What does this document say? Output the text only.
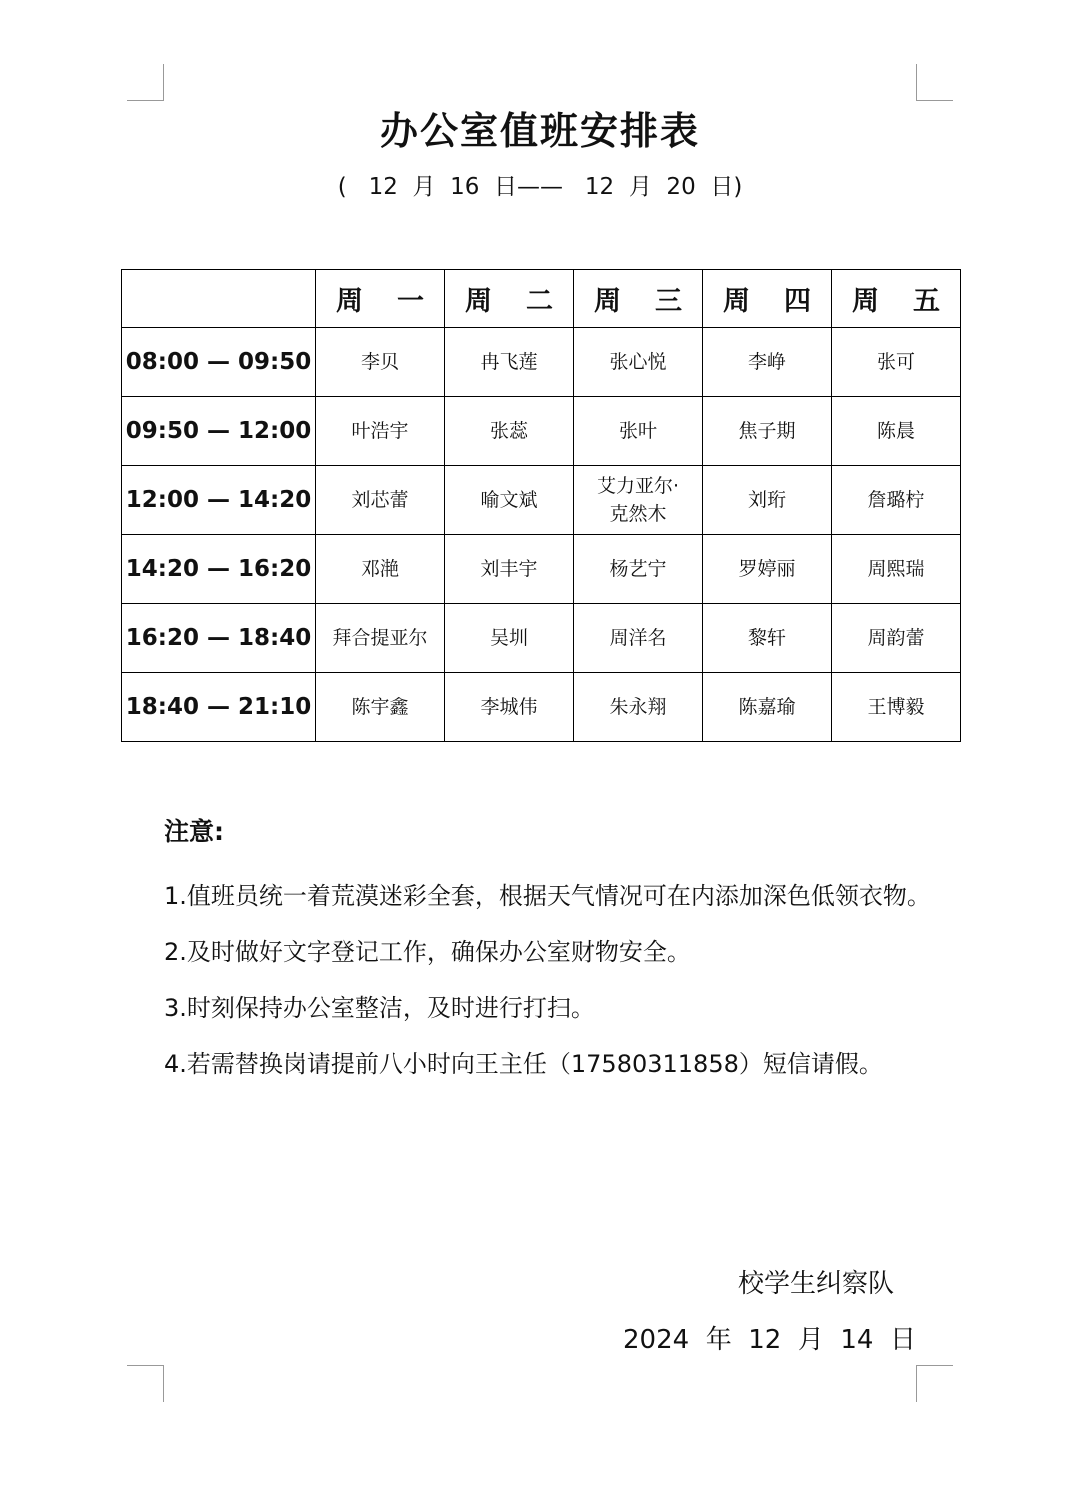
办公室值班安排表
(   12  月  16  日——   12  月  20  日)

	周 一	周 二	周 三	周 四	周 五

08:00 — 09:50	李贝	冉飞莲	张心悦	李峥	张可
09:50 — 12:00	叶浩宇	张蕊	张叶	焦子期	陈晨
12:00 — 14:20	刘芯蕾	喻文斌	艾力亚尔·克然木	刘珩	詹璐柠
14:20 — 16:20	邓滟	刘丰宇	杨艺宁	罗婷丽	周熙瑞
16:20 — 18:40	拜合提亚尔	吴圳	周洋名	黎轩	周韵蕾
18:40 — 21:10	陈宇鑫	李城伟	朱永翔	陈嘉瑜	王博毅
注意:

1.值班员统一着荒漠迷彩全套，根据天气情况可在内添加深色低领衣物。

2.及时做好文字登记工作，确保办公室财物安全。

3.时刻保持办公室整洁，及时进行打扫。

4.若需替换岗请提前八小时向王主任（17580311858）短信请假。

校学生纠察队
2024  年  12  月  14  日
